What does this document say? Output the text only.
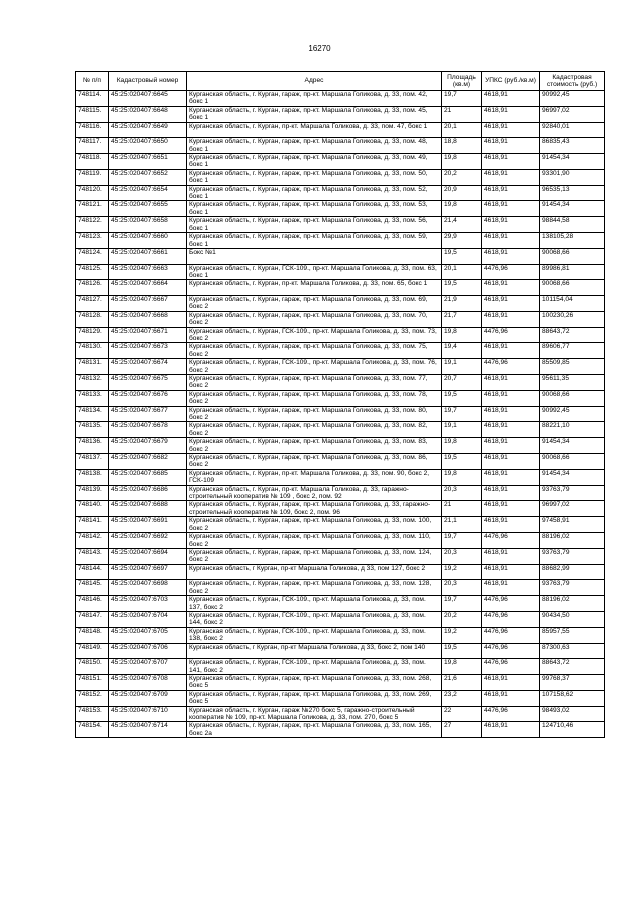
16270
№ п/п	Кадастровый номер	Адрес	Площадь (кв.м)	УПКС (руб./кв.м)	Кадастровая стоимость (руб.)
748114.	45:25:020407:6645	Курганская область, г. Курган, гараж, пр-кт. Маршала Голикова, д. 33, пом. 42, бокс 1	19,7	4618,91	90992,45
748115.	45:25:020407:6648	Курганская область, г. Курган, гараж, пр-кт. Маршала Голикова, д. 33, пом. 45, бокс 1	21	4618,91	96997,02
748116.	45:25:020407:6649	Курганская область, г. Курган, пр-кт. Маршала Голикова, д. 33, пом. 47, бокс 1	20,1	4618,91	92840,01
748117.	45:25:020407:6650	Курганская область, г. Курган, гараж, пр-кт. Маршала Голикова, д. 33, пом. 48, бокс 1	18,8	4618,91	86835,43
748118.	45:25:020407:6651	Курганская область, г. Курган, гараж, пр-кт. Маршала Голикова, д. 33, пом. 49, бокс 1	19,8	4618,91	91454,34
748119.	45:25:020407:6652	Курганская область, г. Курган, гараж, пр-кт. Маршала Голикова, д. 33, пом. 50, бокс 1	20,2	4618,91	93301,90
748120.	45:25:020407:6654	Курганская область, г. Курган, гараж, пр-кт. Маршала Голикова, д. 33, пом. 52, бокс 1	20,9	4618,91	96535,13
748121.	45:25:020407:6655	Курганская область, г. Курган, гараж, пр-кт. Маршала Голикова, д. 33, пом. 53, бокс 1	19,8	4618,91	91454,34
748122.	45:25:020407:6658	Курганская область, г. Курган, гараж, пр-кт. Маршала Голикова, д. 33, пом. 56, бокс 1	21,4	4618,91	98844,58
748123.	45:25:020407:6660	Курганская область, г. Курган, гараж, пр-кт. Маршала Голикова, д. 33, пом. 59, бокс 1	29,9	4618,91	138105,28
748124.	45:25:020407:6661	Бокс №1	19,5	4618,91	90068,66
748125.	45:25:020407:6663	Курганская область, г. Курган, ГСК-109., пр-кт. Маршала Голикова, д. 33, пом. 63, бокс 1	20,1	4476,96	89986,81
748126.	45:25:020407:6664	Курганская область, г. Курган, пр-кт. Маршала Голикова, д. 33, пом. 65, бокс 1	19,5	4618,91	90068,66
748127.	45:25:020407:6667	Курганская область, г. Курган, гараж, пр-кт. Маршала Голикова, д. 33, пом. 69, бокс 2	21,9	4618,91	101154,04
748128.	45:25:020407:6668	Курганская область, г. Курган, гараж, пр-кт. Маршала Голикова, д. 33, пом. 70, бокс 2	21,7	4618,91	100230,26
748129.	45:25:020407:6671	Курганская область, г. Курган, ГСК-109., пр-кт. Маршала Голикова, д. 33, пом. 73, бокс 2	19,8	4476,96	88643,72
748130.	45:25:020407:6673	Курганская область, г. Курган, гараж, пр-кт. Маршала Голикова, д. 33, пом. 75, бокс 2	19,4	4618,91	89606,77
748131.	45:25:020407:6674	Курганская область, г. Курган, ГСК-109., пр-кт. Маршала Голикова, д. 33, пом. 76, бокс 2	19,1	4476,96	85509,85
748132.	45:25:020407:6675	Курганская область, г. Курган, гараж, пр-кт. Маршала Голикова, д. 33, пом. 77, бокс 2	20,7	4618,91	95611,35
748133.	45:25:020407:6676	Курганская область, г. Курган, гараж, пр-кт. Маршала Голикова, д. 33, пом. 78, бокс 2	19,5	4618,91	90068,66
748134.	45:25:020407:6677	Курганская область, г. Курган, гараж, пр-кт. Маршала Голикова, д. 33, пом. 80, бокс 2	19,7	4618,91	90992,45
748135.	45:25:020407:6678	Курганская область, г. Курган, гараж, пр-кт. Маршала Голикова, д. 33, пом. 82, бокс 2	19,1	4618,91	88221,10
748136.	45:25:020407:6679	Курганская область, г. Курган, гараж, пр-кт. Маршала Голикова, д. 33, пом. 83, бокс 2	19,8	4618,91	91454,34
748137.	45:25:020407:6682	Курганская область, г. Курган, гараж, пр-кт. Маршала Голикова, д. 33, пом. 86, бокс 2	19,5	4618,91	90068,66
748138.	45:25:020407:6685	Курганская область, г. Курган, пр-кт. Маршала Голикова, д. 33, пом. 90, бокс 2, ГСК-109	19,8	4618,91	91454,34
748139.	45:25:020407:6686	Курганская область, г. Курган, пр-кт. Маршала Голикова, д. 33, гаражно-строительный кооператив № 109 , бокс 2, пом. 92	20,3	4618,91	93763,79
748140.	45:25:020407:6688	Курганская область, г. Курган, гараж, пр-кт. Маршала Голикова, д. 33, гаражно-строительный кооператив № 109, бокс 2, пом. 96	21	4618,91	96997,02
748141.	45:25:020407:6691	Курганская область, г. Курган, гараж, пр-кт. Маршала Голикова, д. 33, пом. 100, бокс 2	21,1	4618,91	97458,91
748142.	45:25:020407:6692	Курганская область, г. Курган, гараж, пр-кт. Маршала Голикова, д. 33, пом. 110, бокс 2	19,7	4476,96	88196,02
748143.	45:25:020407:6694	Курганская область, г. Курган, гараж, пр-кт. Маршала Голикова, д. 33, пом. 124, бокс 2	20,3	4618,91	93763,79
748144.	45:25:020407:6697	Курганская область, г Курган, пр-кт Маршала Голикова, д 33, пом 127, бокс 2	19,2	4618,91	88682,99
748145.	45:25:020407:6698	Курганская область, г. Курган, гараж, пр-кт. Маршала Голикова, д. 33, пом. 128, бокс 2	20,3	4618,91	93763,79
748146.	45:25:020407:6703	Курганская область, г. Курган, ГСК-109., пр-кт. Маршала Голикова, д. 33, пом. 137, бокс 2	19,7	4476,96	88196,02
748147.	45:25:020407:6704	Курганская область, г. Курган, ГСК-109., пр-кт. Маршала Голикова, д. 33, пом. 144, бокс 2	20,2	4476,96	90434,50
748148.	45:25:020407:6705	Курганская область, г. Курган, ГСК-109., пр-кт. Маршала Голикова, д. 33, пом. 138, бокс 2	19,2	4476,96	85957,55
748149.	45:25:020407:6706	Курганская область, г Курган, пр-кт Маршала Голикова, д 33, бокс 2, пом 140	19,5	4476,96	87300,63
748150.	45:25:020407:6707	Курганская область, г. Курган, ГСК-109., пр-кт. Маршала Голикова, д. 33, пом. 141, бокс 2	19,8	4476,96	88643,72
748151.	45:25:020407:6708	Курганская область, г. Курган, гараж, пр-кт. Маршала Голикова, д. 33, пом. 268, бокс 5	21,6	4618,91	99768,37
748152.	45:25:020407:6709	Курганская область, г. Курган, гараж, пр-кт. Маршала Голикова, д. 33, пом. 269, бокс 5	23,2	4618,91	107158,62
748153.	45:25:020407:6710	Курганская область, г. Курган, гараж №270 бокс 5, гаражно-строительный кооператив № 109, пр-кт. Маршала Голикова, д. 33, пом. 270, бокс 5	22	4476,96	98493,02
748154.	45:25:020407:6714	Курганская область, г. Курган, гараж, пр-кт. Маршала Голикова, д. 33, пом. 165, бокс 2а	27	4618,91	124710,46
